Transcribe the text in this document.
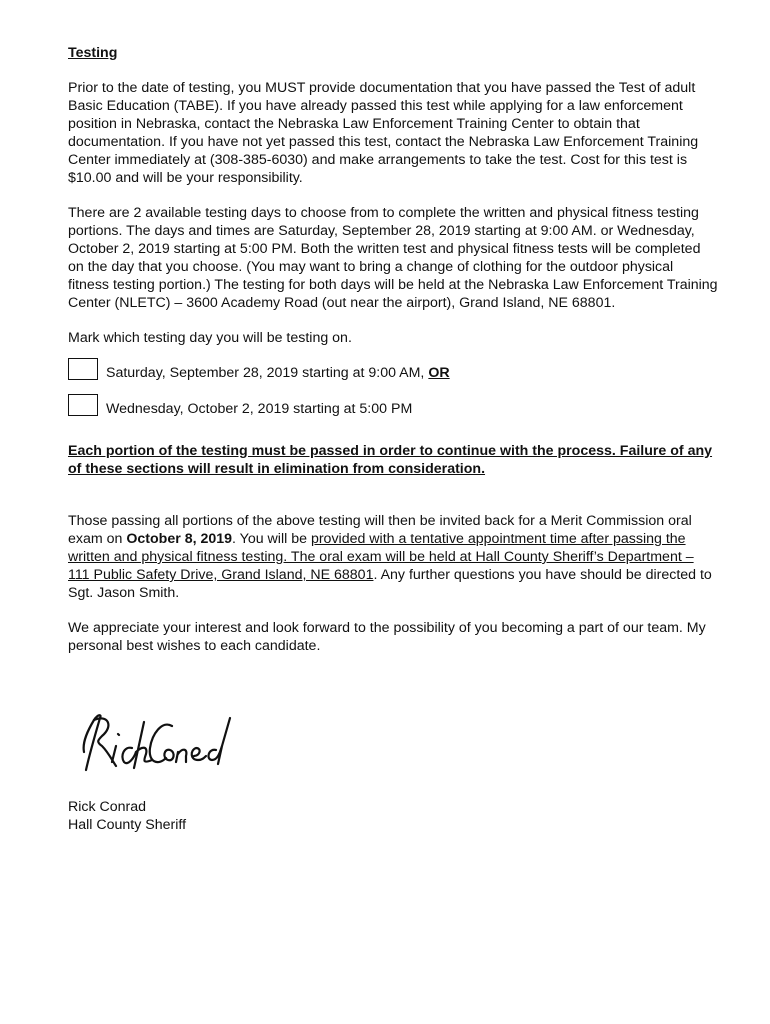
Testing

Prior to the date of testing, you MUST provide documentation that you have passed the Test of adult Basic Education (TABE). If you have already passed this test while applying for a law enforcement position in Nebraska, contact the Nebraska Law Enforcement Training Center to obtain that documentation. If you have not yet passed this test, contact the Nebraska Law Enforcement Training Center immediately at (308-385-6030) and make arrangements to take the test. Cost for this test is $10.00 and will be your responsibility.

There are 2 available testing days to choose from to complete the written and physical fitness testing portions. The days and times are Saturday, September 28, 2019 starting at 9:00 AM. or Wednesday, October 2, 2019 starting at 5:00 PM. Both the written test and physical fitness tests will be completed on the day that you choose. (You may want to bring a change of clothing for the outdoor physical fitness testing portion.) The testing for both days will be held at the Nebraska Law Enforcement Training Center (NLETC) – 3600 Academy Road (out near the airport), Grand Island, NE 68801.

Mark which testing day you will be testing on.

Saturday, September 28, 2019 starting at 9:00 AM, OR
Wednesday, October 2, 2019 starting at 5:00 PM

Each portion of the testing must be passed in order to continue with the process. Failure of any of these sections will result in elimination from consideration.

Those passing all portions of the above testing will then be invited back for a Merit Commission oral exam on October 8, 2019. You will be provided with a tentative appointment time after passing the written and physical fitness testing. The oral exam will be held at Hall County Sheriff’s Department – 111 Public Safety Drive, Grand Island, NE 68801. Any further questions you have should be directed to Sgt. Jason Smith.

We appreciate your interest and look forward to the possibility of you becoming a part of our team. My personal best wishes to each candidate.

Rick Conrad
Rick Conrad
Hall County Sheriff
